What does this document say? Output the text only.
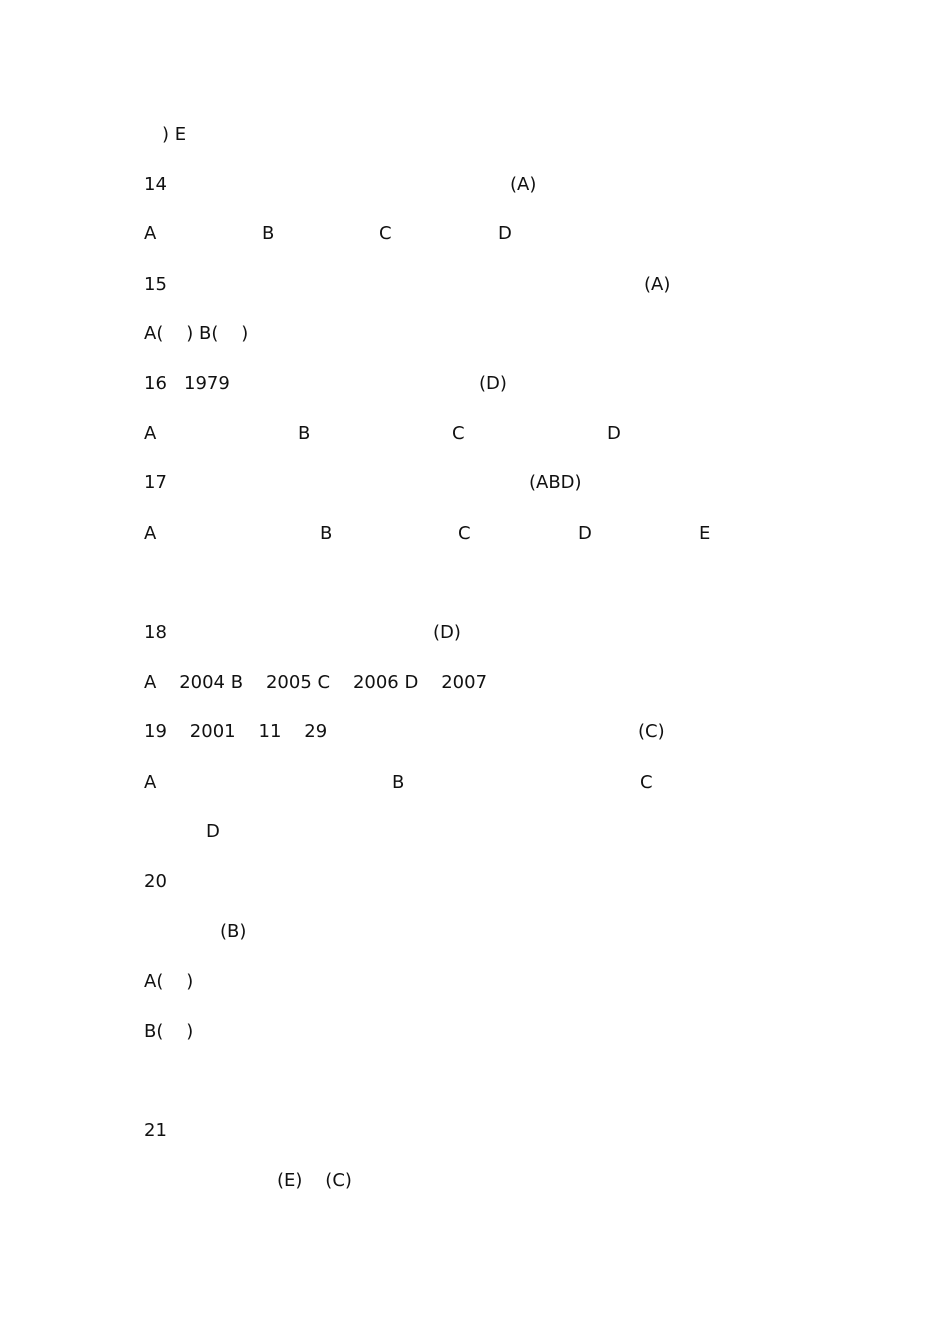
) E
14	(A)
A	B	C	D
15	(A)
A(    ) B(    )
16 1979	(D)
A	B	C	D
17	(ABD)
A	B	C	D	E
18	(D)
A    2004 B    2005 C    2006 D    2007
19    2001    11    29	(C)
A	B	C
D
20
(B)
A(    )
B(    )
21
(E)    (C)
